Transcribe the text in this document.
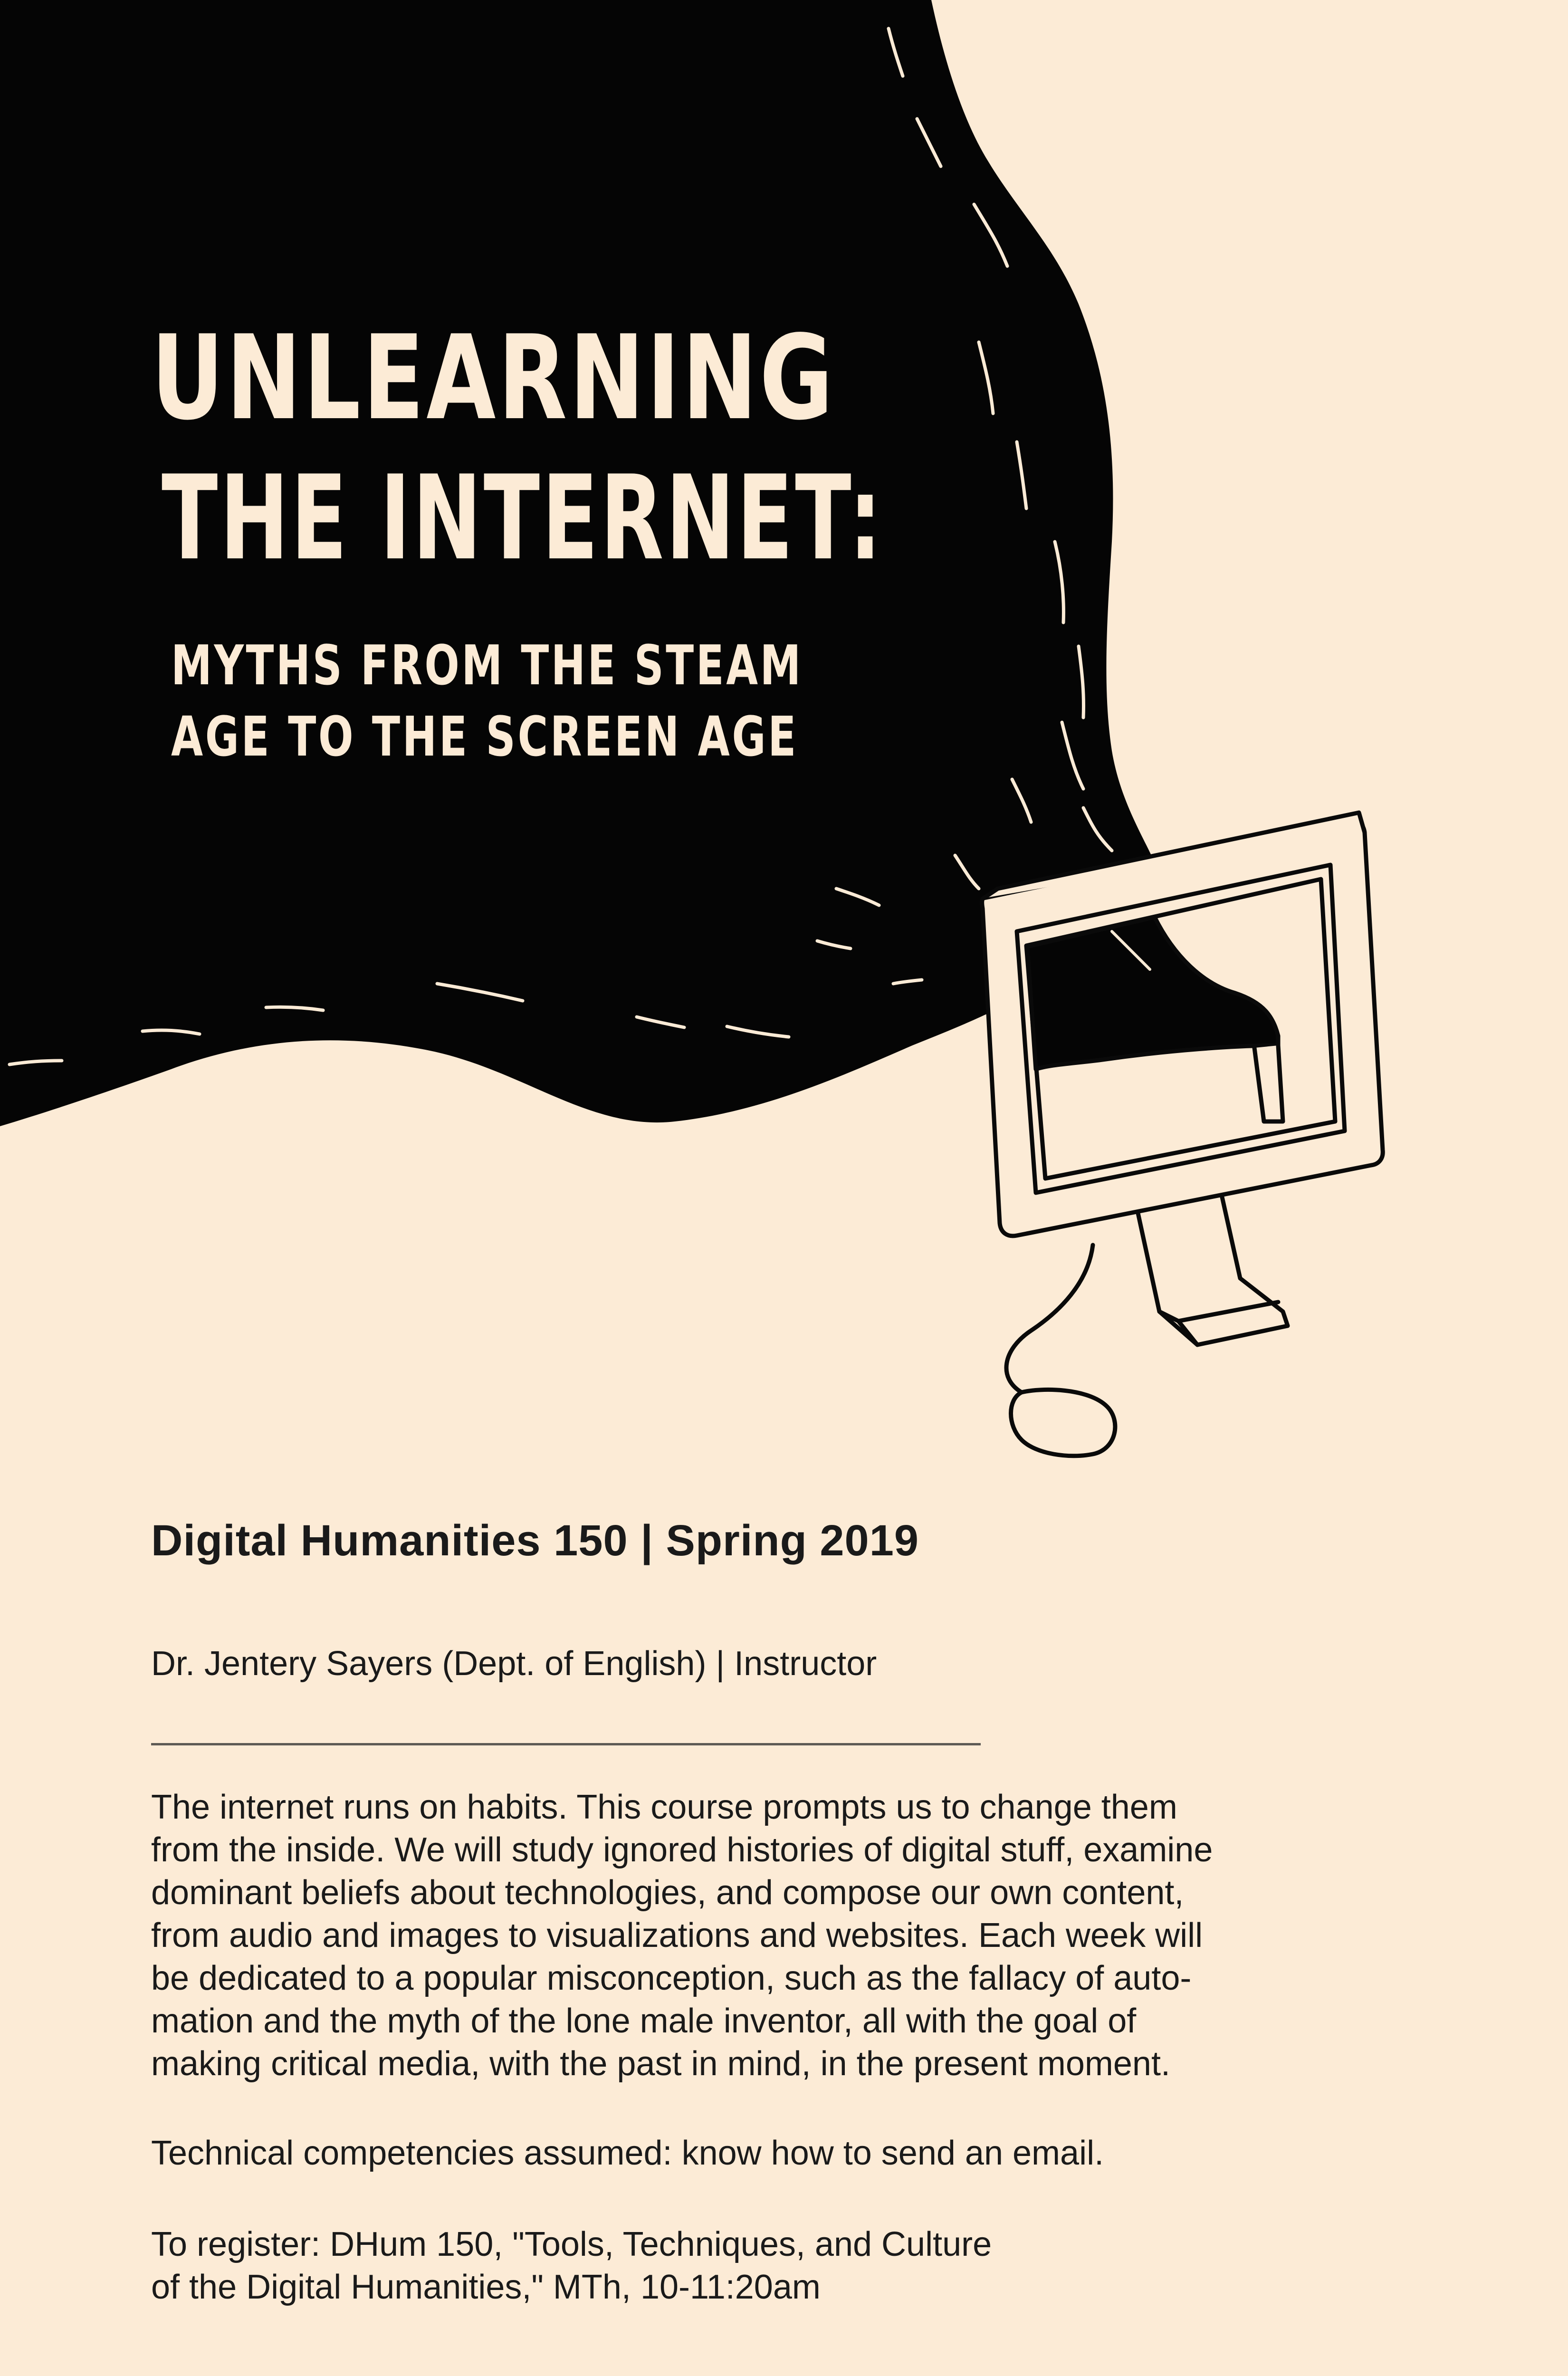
UNLEARNING
THE INTERNET:
MYTHS FROM THE STEAM
AGE TO THE SCREEN AGE
Digital Humanities 150 | Spring 2019
Dr. Jentery Sayers (Dept. of English) | Instructor
The internet runs on habits. This course prompts us to change them
from the inside. We will study ignored histories of digital stuff, examine
dominant beliefs about technologies, and compose our own content,
from audio and images to visualizations and websites. Each week will
be dedicated to a popular misconception, such as the fallacy of auto-
mation and the myth of the lone male inventor, all with the goal of
making critical media, with the past in mind, in the present moment.
Technical competencies assumed: know how to send an email.
To register: DHum 150, "Tools, Techniques, and Culture
of the Digital Humanities," MTh, 10-11:20am
